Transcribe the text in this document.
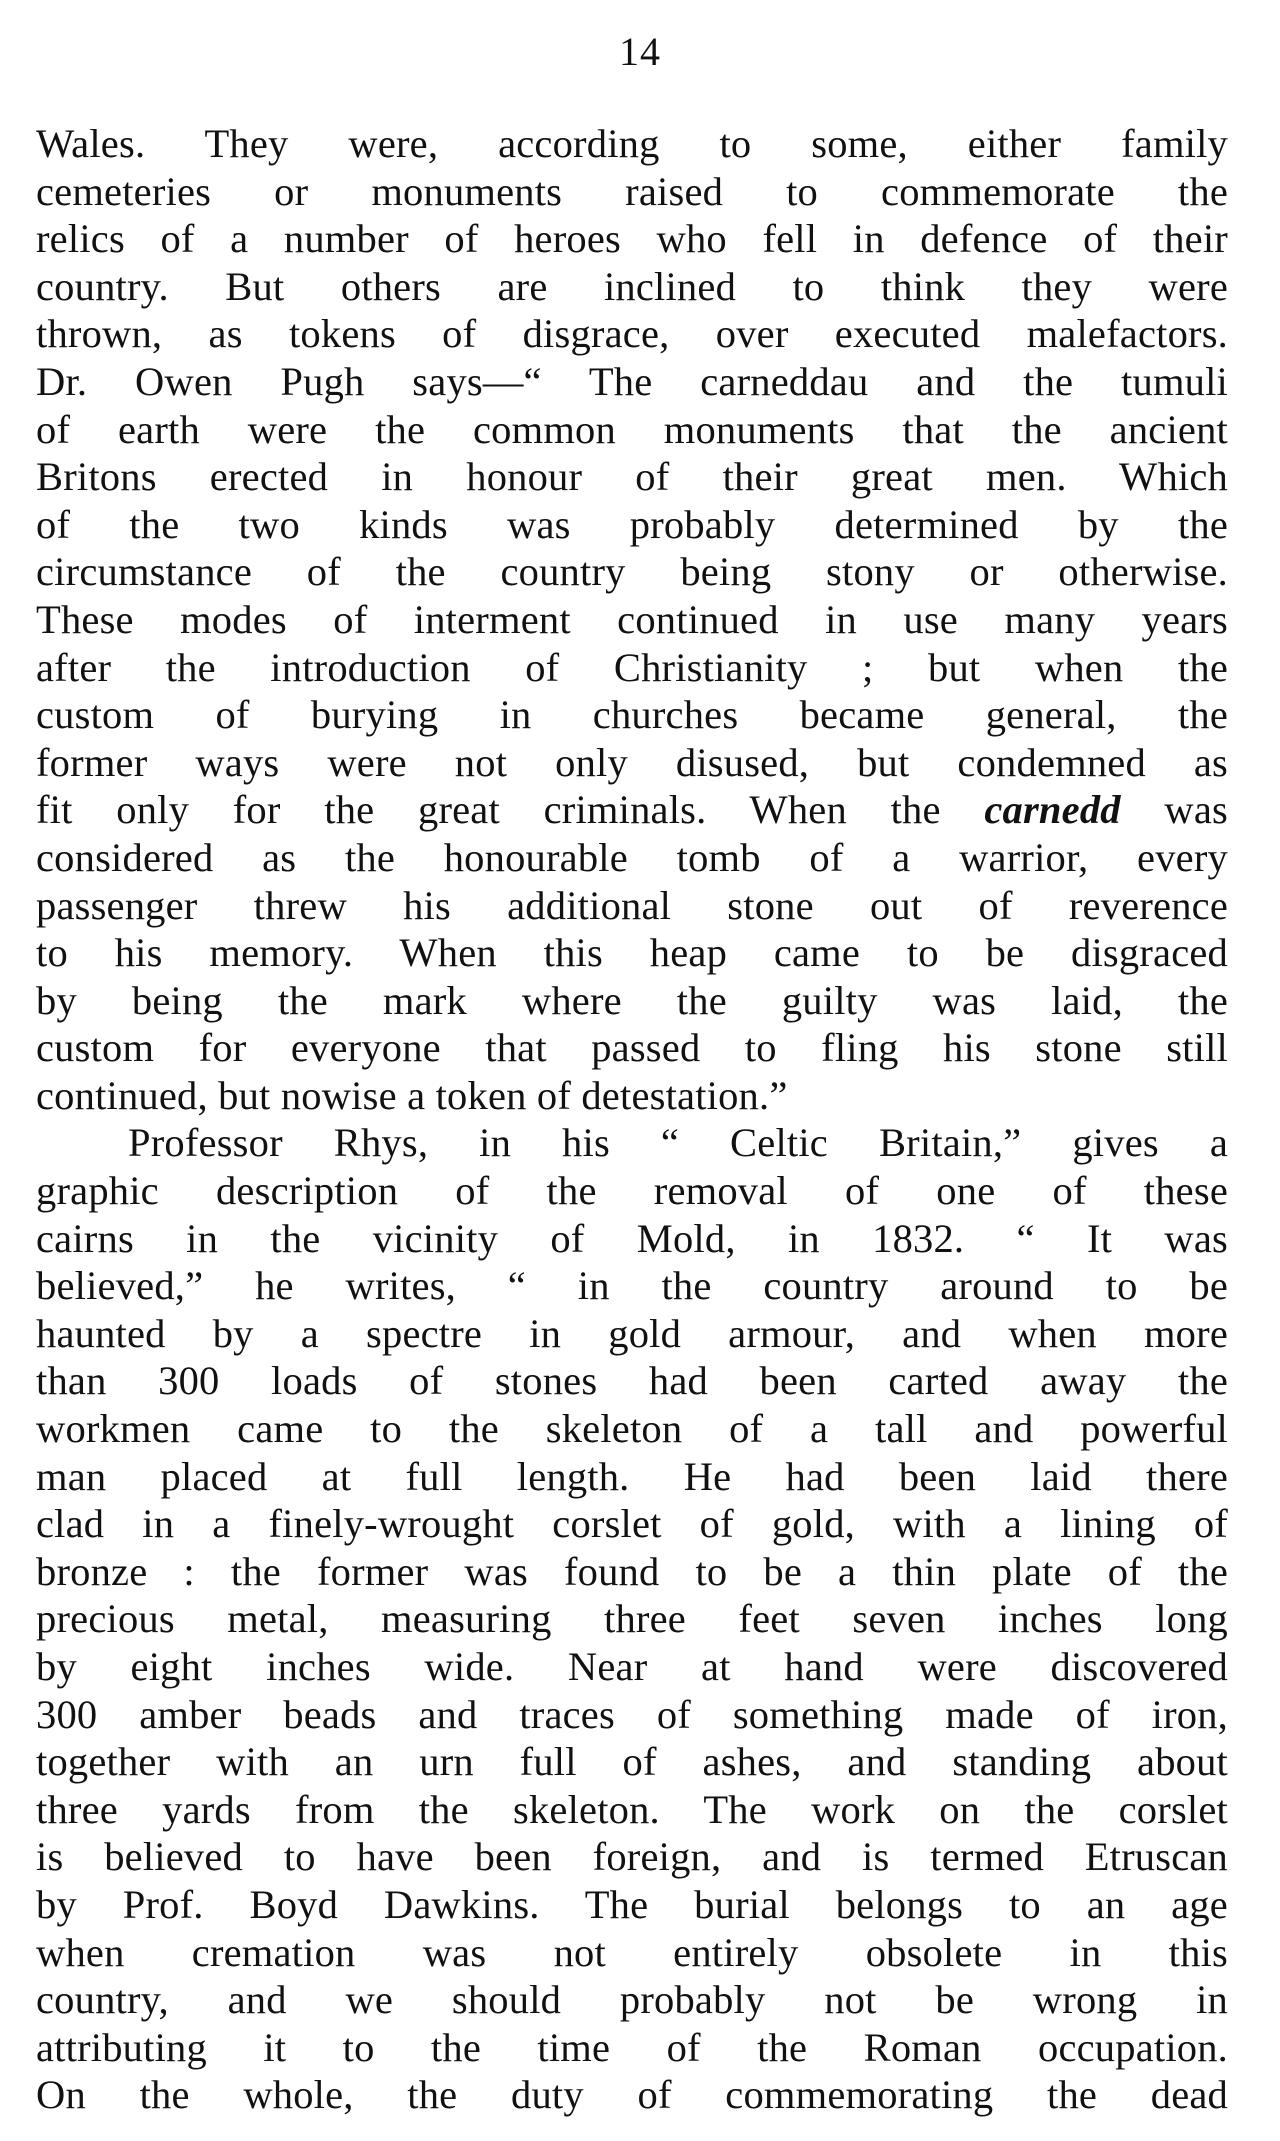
14
Wales. They were, according to some, either family
cemeteries or monuments raised to commemorate the
relics of a number of heroes who fell in defence of their
country. But others are inclined to think they were
thrown, as tokens of disgrace, over executed malefactors.
Dr. Owen Pugh says—“ The carneddau and the tumuli
of earth were the common monuments that the ancient
Britons erected in honour of their great men. Which
of the two kinds was probably determined by the
circumstance of the country being stony or otherwise.
These modes of interment continued in use many years
after the introduction of Christianity ; but when the
custom of burying in churches became general, the
former ways were not only disused, but condemned as
fit only for the great criminals. When the carnedd was
considered as the honourable tomb of a warrior, every
passenger threw his additional stone out of reverence
to his memory. When this heap came to be disgraced
by being the mark where the guilty was laid, the
custom for everyone that passed to fling his stone still
continued, but nowise a token of detestation.”
Professor Rhys, in his “ Celtic Britain,” gives a
graphic description of the removal of one of these
cairns in the vicinity of Mold, in 1832. “ It was
believed,” he writes, “ in the country around to be
haunted by a spectre in gold armour, and when more
than 300 loads of stones had been carted away the
workmen came to the skeleton of a tall and powerful
man placed at full length. He had been laid there
clad in a finely-wrought corslet of gold, with a lining of
bronze : the former was found to be a thin plate of the
precious metal, measuring three feet seven inches long
by eight inches wide. Near at hand were discovered
300 amber beads and traces of something made of iron,
together with an urn full of ashes, and standing about
three yards from the skeleton. The work on the corslet
is believed to have been foreign, and is termed Etruscan
by Prof. Boyd Dawkins. The burial belongs to an age
when cremation was not entirely obsolete in this
country, and we should probably not be wrong in
attributing it to the time of the Roman occupation.
On the whole, the duty of commemorating the dead
